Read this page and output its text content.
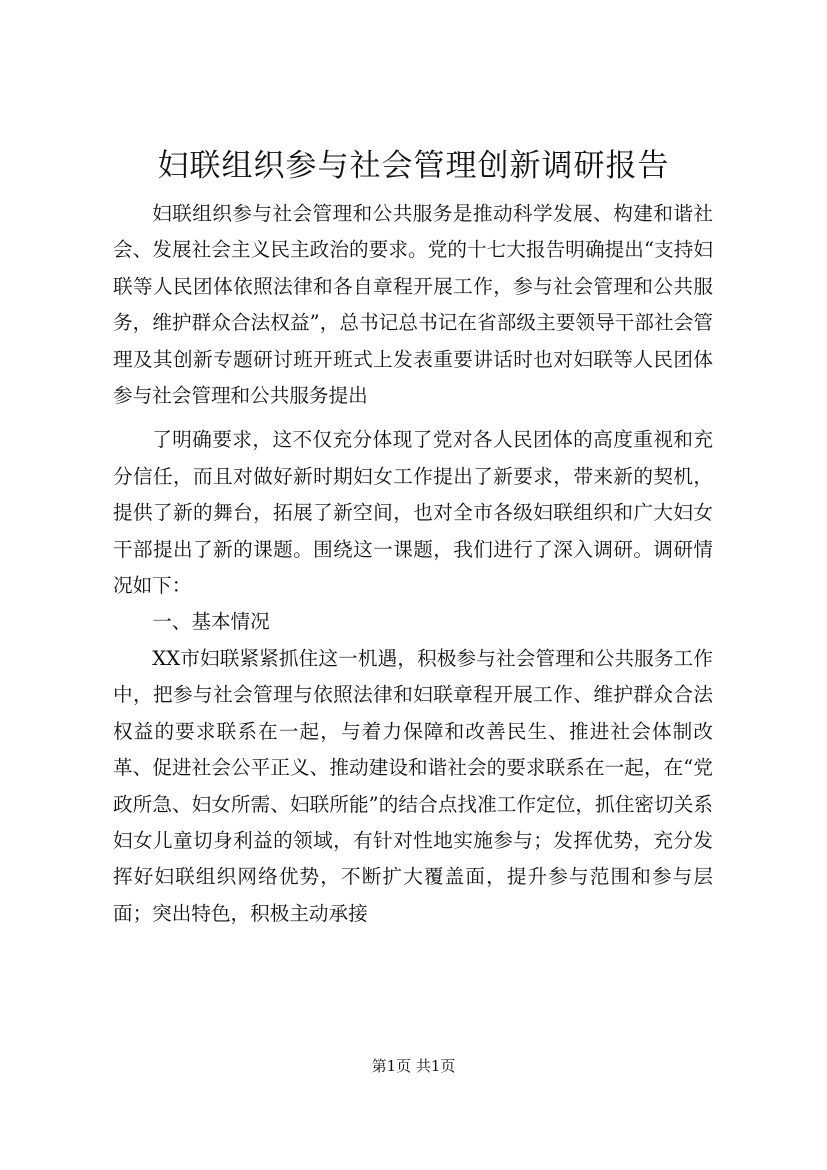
妇联组织参与社会管理创新调研报告

妇联组织参与社会管理和公共服务是推动科学发展、构建和谐社会、发展社会主义民主政治的要求。党的十七大报告明确提出“支持妇联等人民团体依照法律和各自章程开展工作，参与社会管理和公共服务，维护群众合法权益”，总书记总书记在省部级主要领导干部社会管理及其创新专题研讨班开班式上发表重要讲话时也对妇联等人民团体参与社会管理和公共服务提出

了明确要求，这不仅充分体现了党对各人民团体的高度重视和充分信任，而且对做好新时期妇女工作提出了新要求，带来新的契机，提供了新的舞台，拓展了新空间，也对全市各级妇联组织和广大妇女干部提出了新的课题。围绕这一课题，我们进行了深入调研。调研情况如下：

一、基本情况

XX市妇联紧紧抓住这一机遇，积极参与社会管理和公共服务工作中，把参与社会管理与依照法律和妇联章程开展工作、维护群众合法权益的要求联系在一起，与着力保障和改善民生、推进社会体制改革、促进社会公平正义、推动建设和谐社会的要求联系在一起，在“党政所急、妇女所需、妇联所能”的结合点找准工作定位，抓住密切关系妇女儿童切身利益的领域，有针对性地实施参与；发挥优势，充分发挥好妇联组织网络优势，不断扩大覆盖面，提升参与范围和参与层面；突出特色，积极主动承接

第1页 共1页
